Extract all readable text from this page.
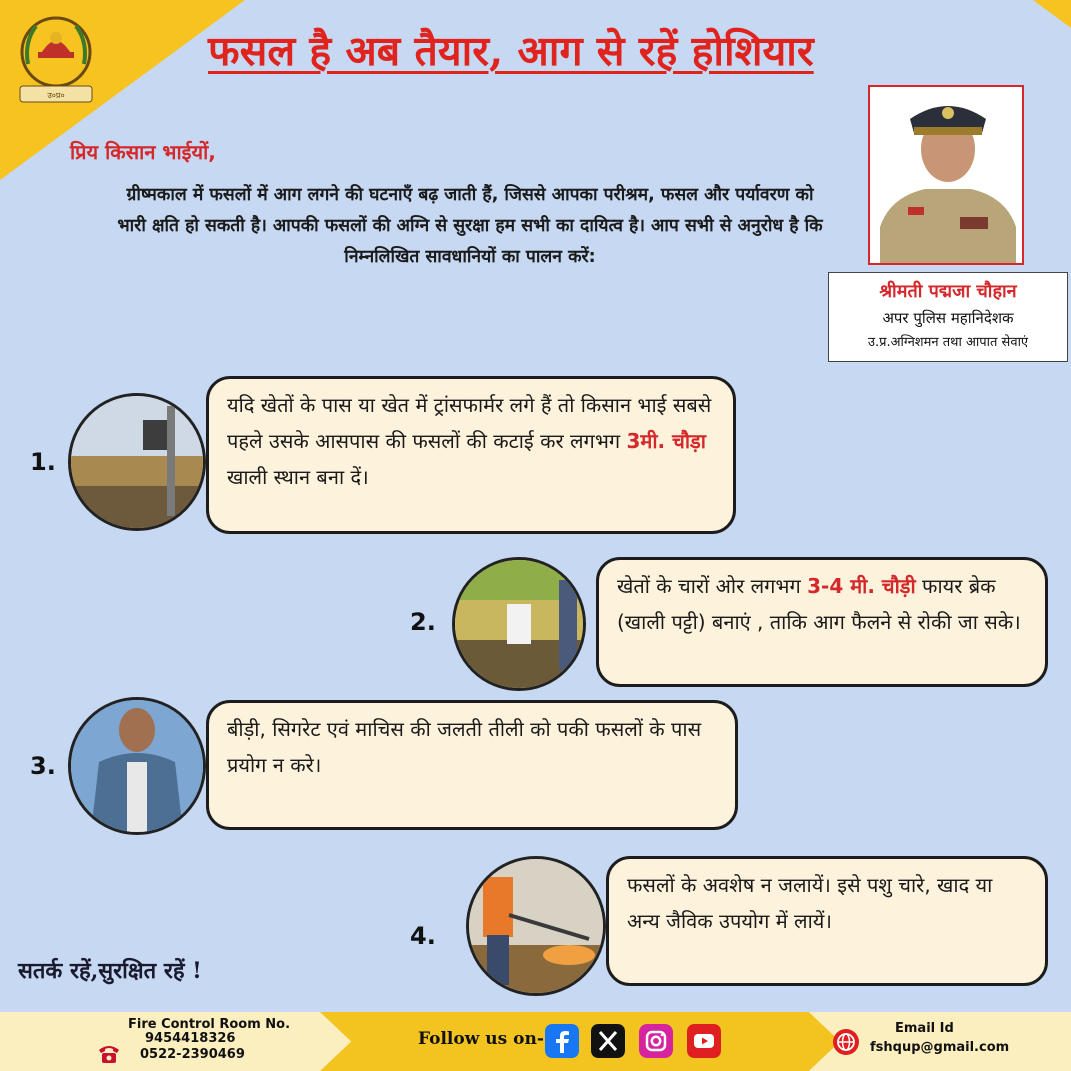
उ०प्र०
फसल है अब तैयार, आग से रहें होशियार
प्रिय किसान भाईयों,
ग्रीष्मकाल में फसलों में आग लगने की घटनाएँ बढ़ जाती हैं, जिससे आपका परीश्रम, फसल और पर्यावरण को भारी क्षति हो सकती है। आपकी फसलों की अग्नि से सुरक्षा हम सभी का दायित्व है। आप सभी से अनुरोध है कि निम्नलिखित सावधानियों का पालन करें:
श्रीमती पद्मजा चौहान
अपर पुलिस महानिदेशक
उ.प्र.अग्निशमन तथा आपात सेवाएं
1.
यदि खेतों के पास या खेत में ट्रांसफार्मर लगे हैं तो किसान भाई सबसे पहले उसके आसपास की फसलों की कटाई कर लगभग 3मी. चौड़ा खाली स्थान बना दें।
2.
खेतों के चारों ओर लगभग 3-4 मी. चौड़ी फायर ब्रेक (खाली पट्टी) बनाएं , ताकि आग फैलने से रोकी जा सके।
3.
बीड़ी, सिगरेट एवं माचिस की जलती तीली को पकी फसलों के पास प्रयोग न करे।
4.
फसलों के अवशेष न जलायें। इसे पशु चारे, खाद या अन्य जैविक उपयोग में लायें।
सतर्क रहें,सुरक्षित रहें !
Fire Control Room No.
9454418326
0522-2390469
Follow us on-
Email Id
fshqup@gmail.com
